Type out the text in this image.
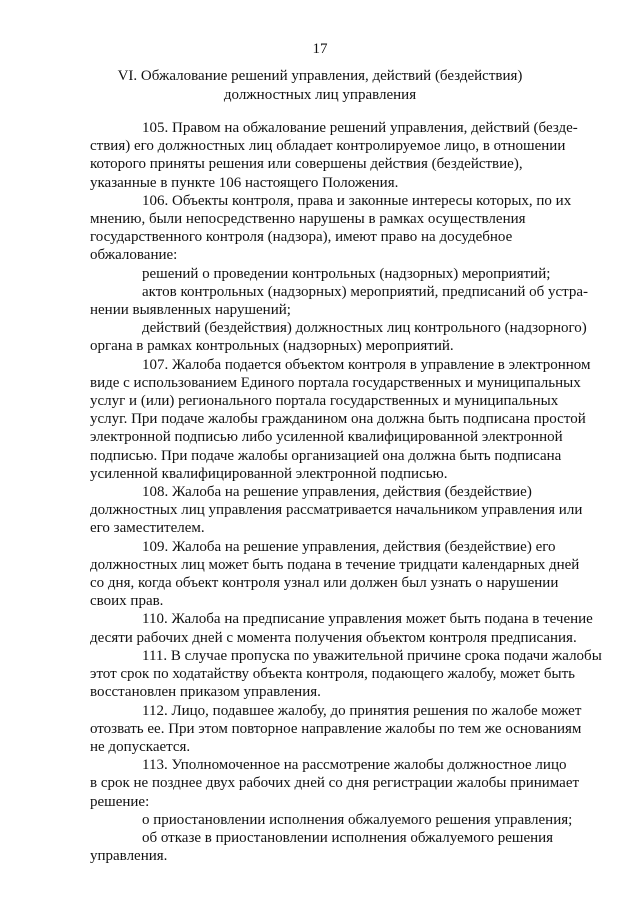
17
VI. Обжалование решений управления, действий (бездействия)
должностных лиц управления

105. Правом на обжалование решений управления, действий (безде-
ствия) его должностных лиц обладает контролируемое лицо, в отношении
которого приняты решения или совершены действия (бездействие),
указанные в пункте 106 настоящего Положения.

106. Объекты контроля, права и законные интересы которых, по их
мнению, были непосредственно нарушены в рамках осуществления
государственного контроля (надзора), имеют право на досудебное
обжалование:

решений о проведении контрольных (надзорных) мероприятий;

актов контрольных (надзорных) мероприятий, предписаний об устра-
нении выявленных нарушений;

действий (бездействия) должностных лиц контрольного (надзорного)
органа в рамках контрольных (надзорных) мероприятий.

107. Жалоба подается объектом контроля в управление в электронном
виде с использованием Единого портала государственных и муниципальных
услуг и (или) регионального портала государственных и муниципальных
услуг. При подаче жалобы гражданином она должна быть подписана простой
электронной подписью либо усиленной квалифицированной электронной
подписью. При подаче жалобы организацией она должна быть подписана
усиленной квалифицированной электронной подписью.

108. Жалоба на решение управления, действия (бездействие)
должностных лиц управления рассматривается начальником управления или
его заместителем.

109. Жалоба на решение управления, действия (бездействие) его
должностных лиц может быть подана в течение тридцати календарных дней
со дня, когда объект контроля узнал или должен был узнать о нарушении
своих прав.

110. Жалоба на предписание управления может быть подана в течение
десяти рабочих дней с момента получения объектом контроля предписания.

111. В случае пропуска по уважительной причине срока подачи жалобы
этот срок по ходатайству объекта контроля, подающего жалобу, может быть
восстановлен приказом управления.

112. Лицо, подавшее жалобу, до принятия решения по жалобе может
отозвать ее. При этом повторное направление жалобы по тем же основаниям
не допускается.

113. Уполномоченное на рассмотрение жалобы должностное лицо
в срок не позднее двух рабочих дней со дня регистрации жалобы принимает
решение:

о приостановлении исполнения обжалуемого решения управления;

об отказе в приостановлении исполнения обжалуемого решения
управления.
